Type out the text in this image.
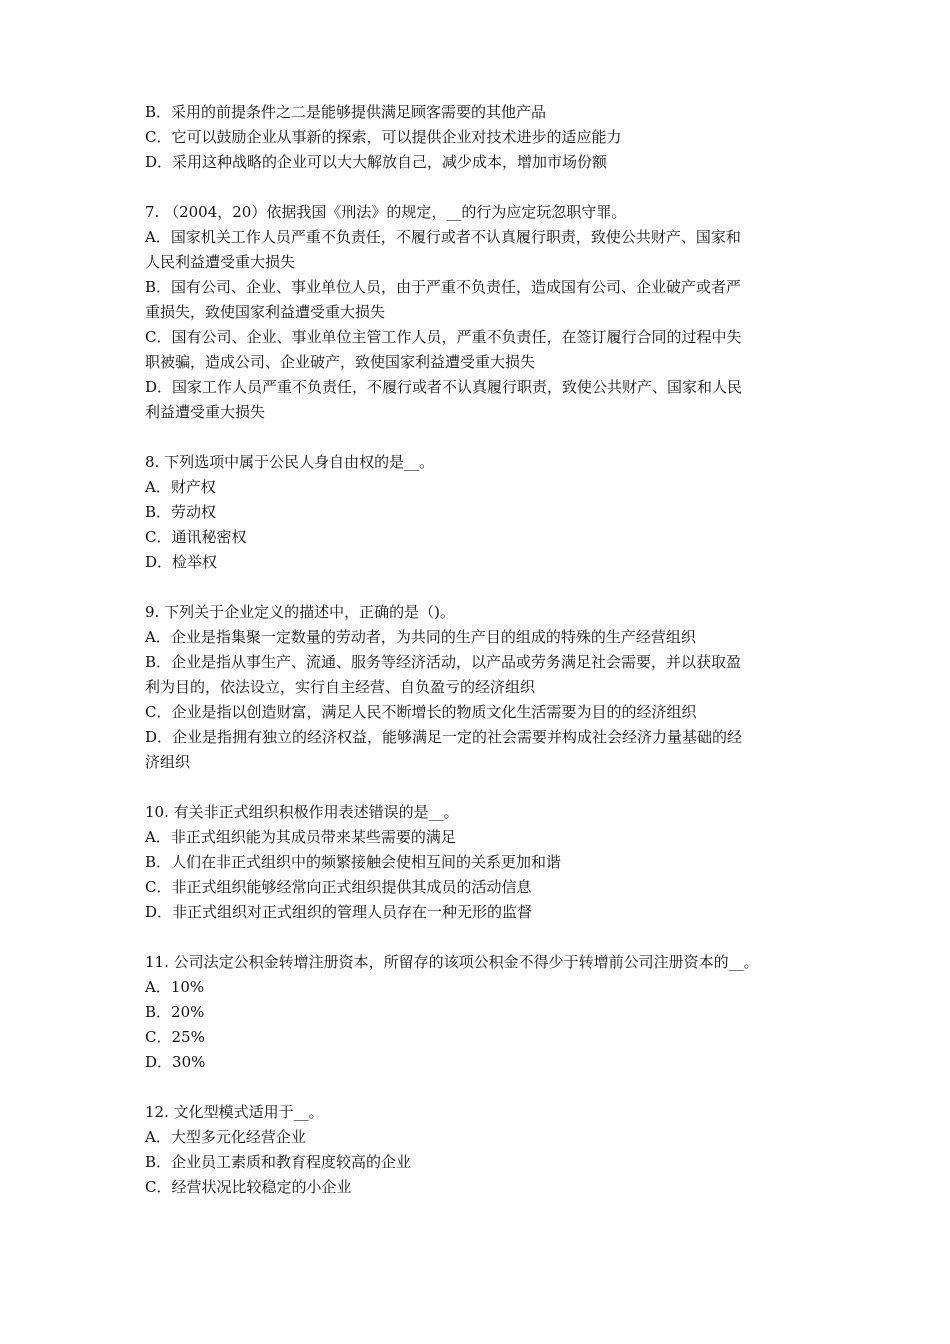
B．采用的前提条件之二是能够提供满足顾客需要的其他产品
C．它可以鼓励企业从事新的探索，可以提供企业对技术进步的适应能力
D．采用这种战略的企业可以大大解放自己，减少成本，增加市场份额
7. （2004，20）依据我国《刑法》的规定，__的行为应定玩忽职守罪。
A．国家机关工作人员严重不负责任，不履行或者不认真履行职责，致使公共财产、国家和
人民利益遭受重大损失
B．国有公司、企业、事业单位人员，由于严重不负责任，造成国有公司、企业破产或者严
重损失，致使国家利益遭受重大损失
C．国有公司、企业、事业单位主管工作人员，严重不负责任，在签订履行合同的过程中失
职被骗，造成公司、企业破产，致使国家利益遭受重大损失
D．国家工作人员严重不负责任，不履行或者不认真履行职责，致使公共财产、国家和人民
利益遭受重大损失
8. 下列选项中属于公民人身自由权的是__。
A．财产权
B．劳动权
C．通讯秘密权
D．检举权
9. 下列关于企业定义的描述中，正确的是（)。
A．企业是指集聚一定数量的劳动者，为共同的生产目的组成的特殊的生产经营组织
B．企业是指从事生产、流通、服务等经济活动，以产品或劳务满足社会需要，并以获取盈
利为目的，依法设立，实行自主经营、自负盈亏的经济组织
C．企业是指以创造财富，满足人民不断增长的物质文化生活需要为目的的经济组织
D．企业是指拥有独立的经济权益，能够满足一定的社会需要并构成社会经济力量基础的经
济组织
10. 有关非正式组织积极作用表述错误的是__。
A．非正式组织能为其成员带来某些需要的满足
B．人们在非正式组织中的频繁接触会使相互间的关系更加和谐
C．非正式组织能够经常向正式组织提供其成员的活动信息
D．非正式组织对正式组织的管理人员存在一种无形的监督
11. 公司法定公积金转增注册资本，所留存的该项公积金不得少于转增前公司注册资本的__。
A．10%
B．20%
C．25%
D．30%
12. 文化型模式适用于__。
A．大型多元化经营企业
B．企业员工素质和教育程度较高的企业
C．经营状况比较稳定的小企业
